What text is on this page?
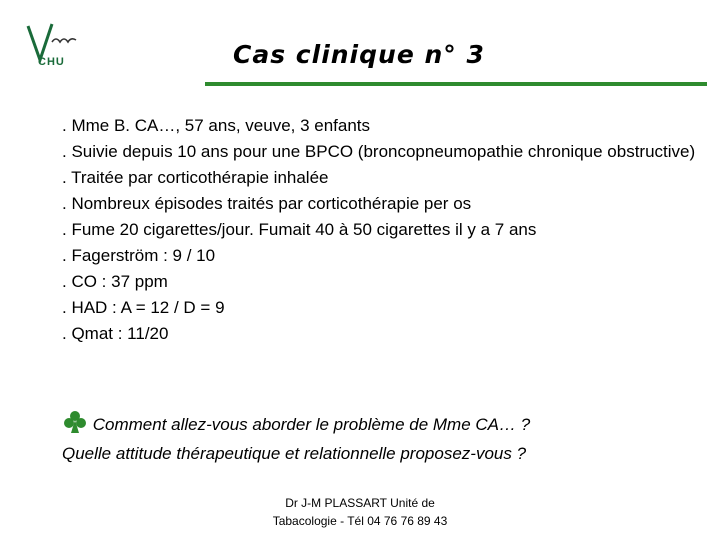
CHU	Cas clinique n° 3
. Mme B. CA…, 57 ans, veuve, 3 enfants
. Suivie depuis 10 ans pour une BPCO (broncopneumopathie chronique obstructive)
. Traitée par corticothérapie inhalée
. Nombreux épisodes traités par corticothérapie per os
. Fume 20 cigarettes/jour. Fumait 40 à 50 cigarettes il y a 7 ans
. Fagerström : 9 / 10
. CO : 37 ppm
. HAD : A = 12 / D = 9
. Qmat : 11/20
Comment allez-vous aborder le problème de Mme CA… ?
Quelle attitude thérapeutique et relationnelle proposez-vous ?
Dr J-M PLASSART Unité de
Tabacologie - Tél 04 76 76 89 43
